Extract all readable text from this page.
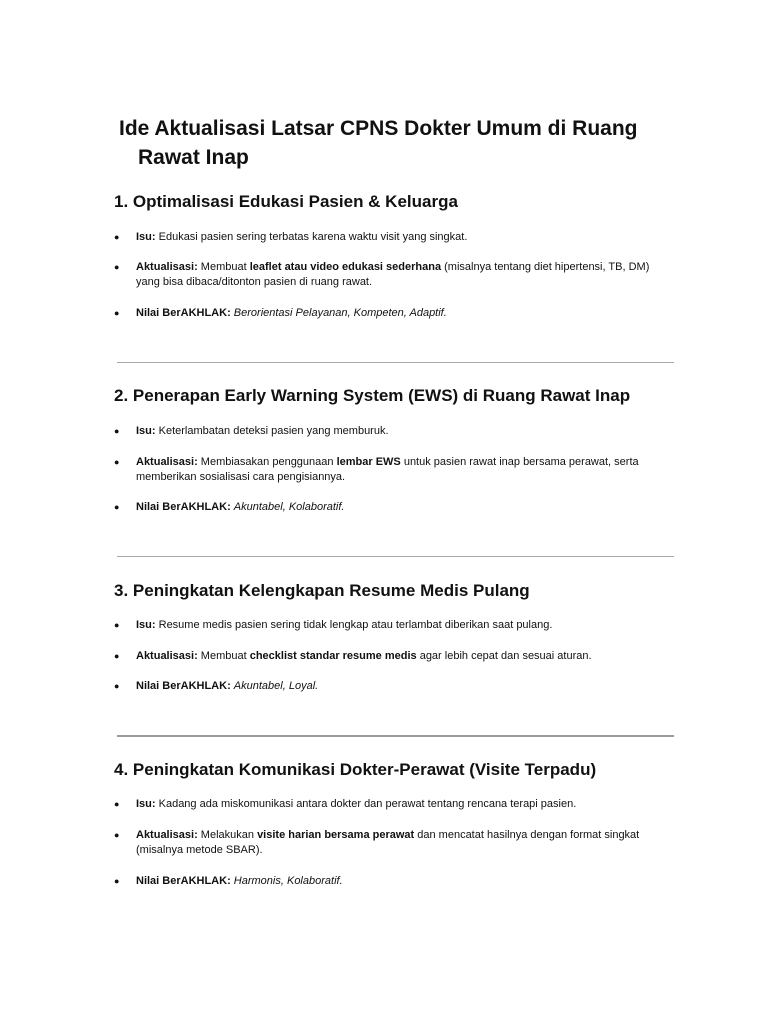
Ide Aktualisasi Latsar CPNS Dokter Umum di Ruang
Rawat Inap
1. Optimalisasi Edukasi Pasien & Keluarga
● Isu: Edukasi pasien sering terbatas karena waktu visit yang singkat.
● Aktualisasi: Membuat leaflet atau video edukasi sederhana (misalnya tentang diet hipertensi, TB, DM) yang bisa dibaca/ditonton pasien di ruang rawat.
● Nilai BerAKHLAK: Berorientasi Pelayanan, Kompeten, Adaptif.
2. Penerapan Early Warning System (EWS) di Ruang Rawat Inap
● Isu: Keterlambatan deteksi pasien yang memburuk.
● Aktualisasi: Membiasakan penggunaan lembar EWS untuk pasien rawat inap bersama perawat, serta memberikan sosialisasi cara pengisiannya.
● Nilai BerAKHLAK: Akuntabel, Kolaboratif.
3. Peningkatan Kelengkapan Resume Medis Pulang
● Isu: Resume medis pasien sering tidak lengkap atau terlambat diberikan saat pulang.
● Aktualisasi: Membuat checklist standar resume medis agar lebih cepat dan sesuai aturan.
● Nilai BerAKHLAK: Akuntabel, Loyal.
4. Peningkatan Komunikasi Dokter-Perawat (Visite Terpadu)
● Isu: Kadang ada miskomunikasi antara dokter dan perawat tentang rencana terapi pasien.
● Aktualisasi: Melakukan visite harian bersama perawat dan mencatat hasilnya dengan format singkat (misalnya metode SBAR).
● Nilai BerAKHLAK: Harmonis, Kolaboratif.
